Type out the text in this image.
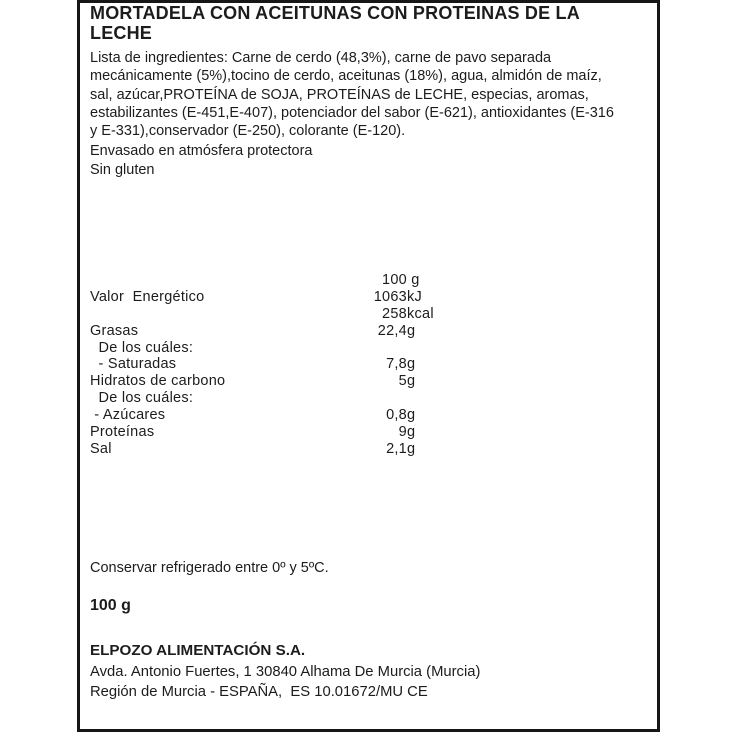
MORTADELA CON ACEITUNAS CON PROTEINAS DE LA
LECHE
Lista de ingredientes: Carne de cerdo (48,3%), carne de pavo separada
mecánicamente (5%),tocino de cerdo, aceitunas (18%), agua, almidón de maíz,
sal, azúcar,PROTEÍNA de SOJA, PROTEÍNAS de LECHE, especias, aromas,
estabilizantes (E-451,E-407), potenciador del sabor (E-621), antioxidantes (E-316
y E-331),conservador (E-250), colorante (E-120).
Envasado en atmósfera protectora
Sin gluten
100 g
Valor  Energético	1063 kJ
258 kcal
Grasas	22,4 g
De los cuáles:
- Saturadas	7,8 g
Hidratos de carbono	5 g
De los cuáles:
- Azúcares	0,8 g
Proteínas	9 g
Sal	2,1 g
Conservar refrigerado entre 0º y 5ºC.
100 g
ELPOZO ALIMENTACIÓN S.A.
Avda. Antonio Fuertes, 1 30840 Alhama De Murcia (Murcia)
Región de Murcia - ESPAÑA,  ES 10.01672/MU CE
